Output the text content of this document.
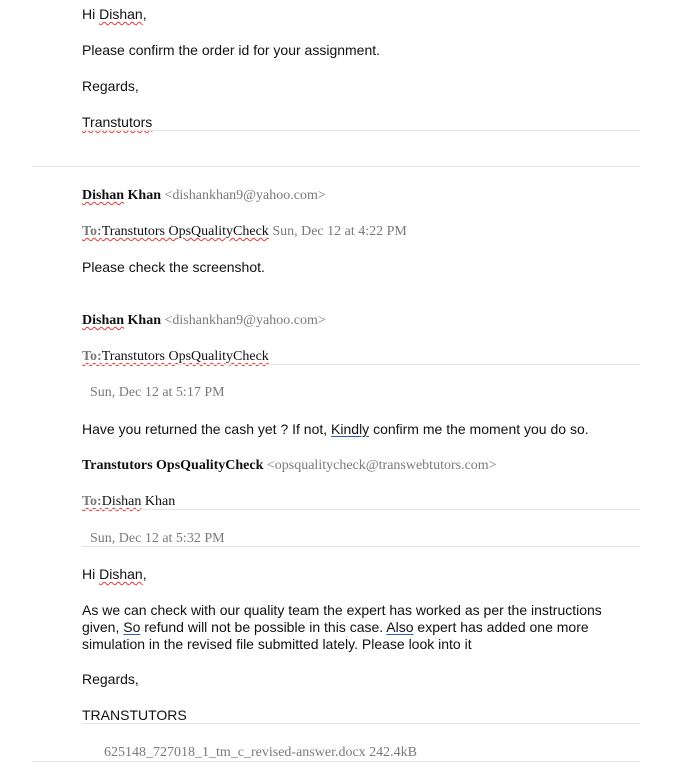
Hi Dishan,
Please confirm the order id for your assignment.
Regards,
Transtutors
Dishan Khan <dishankhan9@yahoo.com>
To:Transtutors OpsQualityCheck Sun, Dec 12 at 4:22 PM
Please check the screenshot.
Dishan Khan <dishankhan9@yahoo.com>
To:Transtutors OpsQualityCheck
Sun, Dec 12 at 5:17 PM
Have you returned the cash yet ? If not, Kindly confirm me the moment you do so.
Transtutors OpsQualityCheck <opsqualitycheck@transwebtutors.com>
To:Dishan Khan
Sun, Dec 12 at 5:32 PM
Hi Dishan,
As we can check with our quality team the expert has worked as per the instructions given, So refund will not be possible in this case. Also expert has added one more simulation in the revised file submitted lately. Please look into it
Regards,
TRANSTUTORS
625148_727018_1_tm_c_revised-answer.docx 242.4kB
